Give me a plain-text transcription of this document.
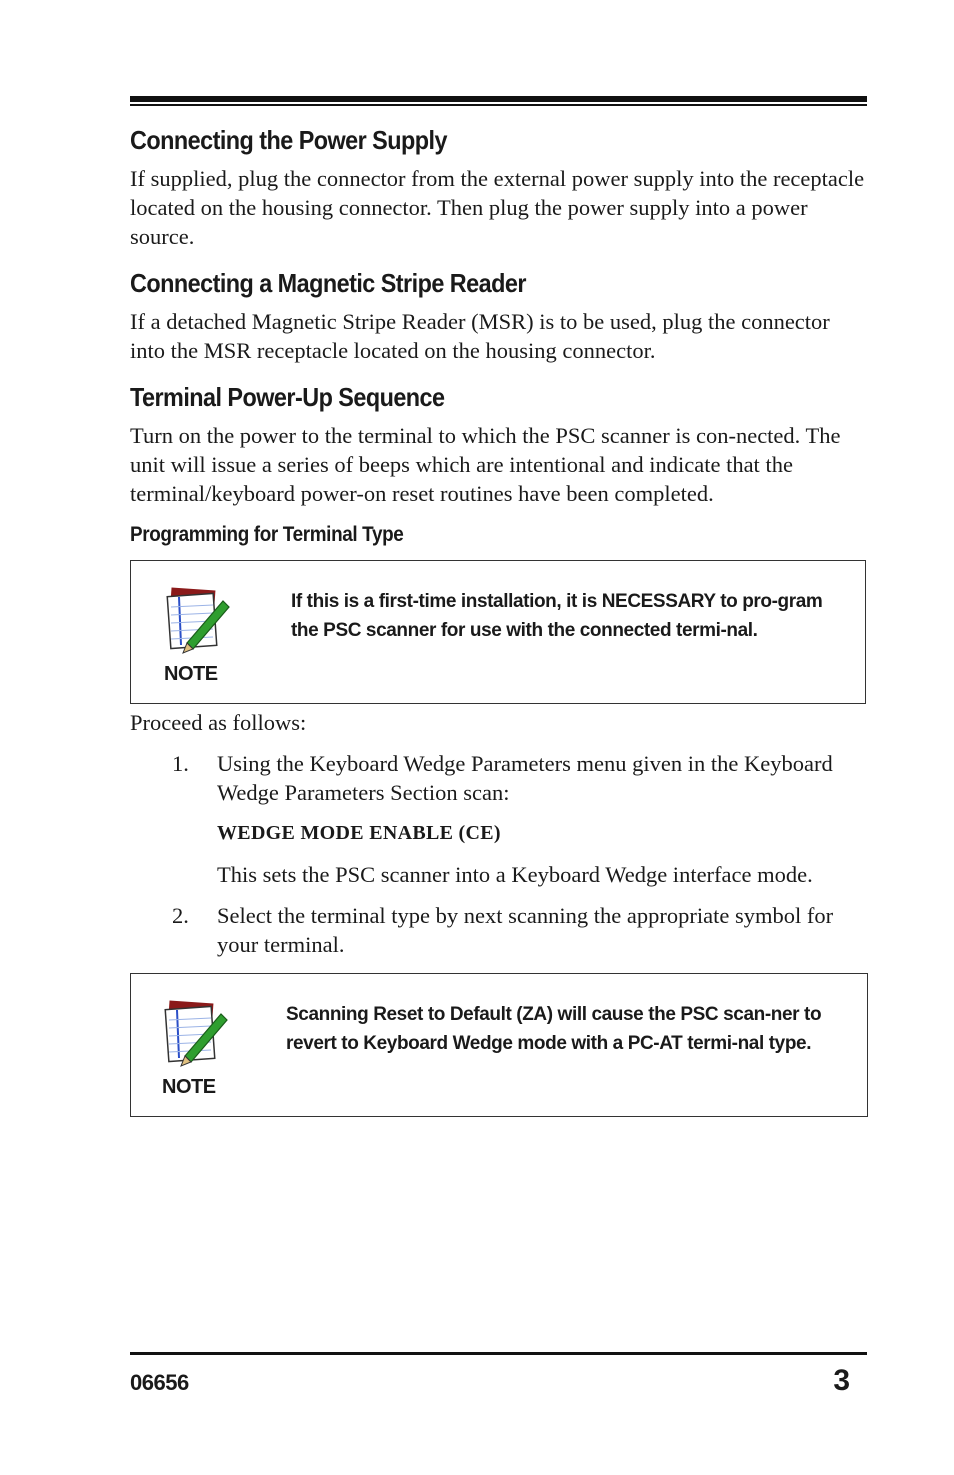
Connecting the Power Supply

If supplied, plug the connector from the external power supply into the receptacle located on the housing connector. Then plug the power supply into a power source.

Connecting a Magnetic Stripe Reader

If a detached Magnetic Stripe Reader (MSR) is to be used, plug the connector into the MSR receptacle located on the housing connector.

Terminal Power-Up Sequence

Turn on the power to the terminal to which the PSC scanner is con-nected. The unit will issue a series of beeps which are intentional and indicate that the terminal/keyboard power-on reset routines have been completed.

Programming for Terminal Type
NOTE
If this is a first-time installation, it is NECESSARY to pro-gram the PSC scanner for use with the connected termi-nal.

Proceed as follows:

1. Using the Keyboard Wedge Parameters menu given in the Keyboard Wedge Parameters Section scan:
WEDGE MODE ENABLE (CE)
This sets the PSC scanner into a Keyboard Wedge interface mode.
2. Select the terminal type by next scanning the appropriate symbol for your terminal.
NOTE
Scanning Reset to Default (ZA) will cause the PSC scan-ner to revert to Keyboard Wedge mode with a PC-AT termi-nal type.
06656	3
